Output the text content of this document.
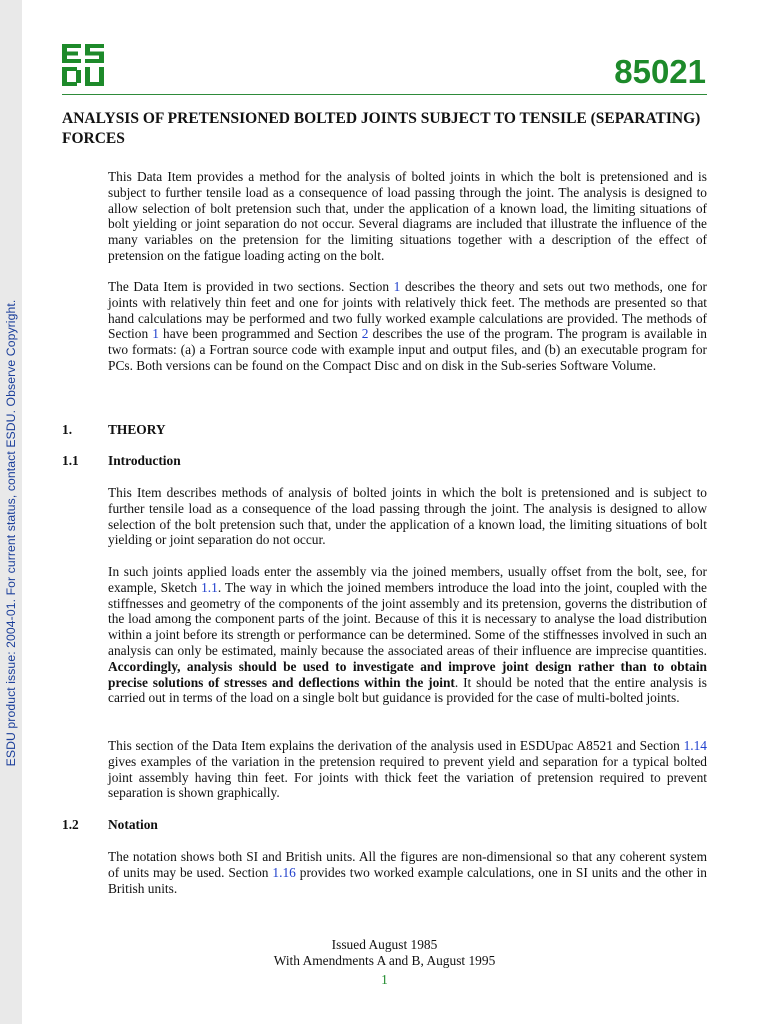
ESDU product issue: 2004-01. For current status, contact ESDU. Observe Copyright.
85021
ANALYSIS OF PRETENSIONED BOLTED JOINTS SUBJECT TO TENSILE (SEPARATING) FORCES

This Data Item provides a method for the analysis of bolted joints in which the bolt is pretensioned and is subject to further tensile load as a consequence of load passing through the joint. The analysis is designed to allow selection of bolt pretension such that, under the application of a known load, the limiting situations of bolt yielding or joint separation do not occur. Several diagrams are included that illustrate the influence of the many variables on the pretension for the limiting situations together with a description of the effect of pretension on the fatigue loading acting on the bolt.

The Data Item is provided in two sections. Section 1 describes the theory and sets out two methods, one for joints with relatively thin feet and one for joints with relatively thick feet. The methods are presented so that hand calculations may be performed and two fully worked example calculations are provided. The methods of Section 1 have been programmed and Section 2 describes the use of the program. The program is available in two formats: (a) a Fortran source code with example input and output files, and (b) an executable program for PCs. Both versions can be found on the Compact Disc and on disk in the Sub-series Software Volume.

1.	THEORY
1.1 Introduction

This Item describes methods of analysis of bolted joints in which the bolt is pretensioned and is subject to further tensile load as a consequence of the load passing through the joint. The analysis is designed to allow selection of the bolt pretension such that, under the application of a known load, the limiting situations of bolt yielding or joint separation do not occur.

In such joints applied loads enter the assembly via the joined members, usually offset from the bolt, see, for example, Sketch 1.1. The way in which the joined members introduce the load into the joint, coupled with the stiffnesses and geometry of the components of the joint assembly and its pretension, governs the distribution of the load among the component parts of the joint. Because of this it is necessary to analyse the load distribution within a joint before its strength or performance can be determined. Some of the stiffnesses involved in such an analysis can only be estimated, mainly because the associated areas of their influence are imprecise quantities. Accordingly, analysis should be used to investigate and improve joint design rather than to obtain precise solutions of stresses and deflections within the joint. It should be noted that the entire analysis is carried out in terms of the load on a single bolt but guidance is provided for the case of multi-bolted joints.

This section of the Data Item explains the derivation of the analysis used in ESDUpac A8521 and Section 1.14 gives examples of the variation in the pretension required to prevent yield and separation for a typical bolted joint assembly having thin feet. For joints with thick feet the variation of pretension required to prevent separation is shown graphically.

1.2 Notation

The notation shows both SI and British units. All the figures are non-dimensional so that any coherent system of units may be used. Section 1.16 provides two worked example calculations, one in SI units and the other in British units.

Issued August 1985
With Amendments A and B, August 1995
1
